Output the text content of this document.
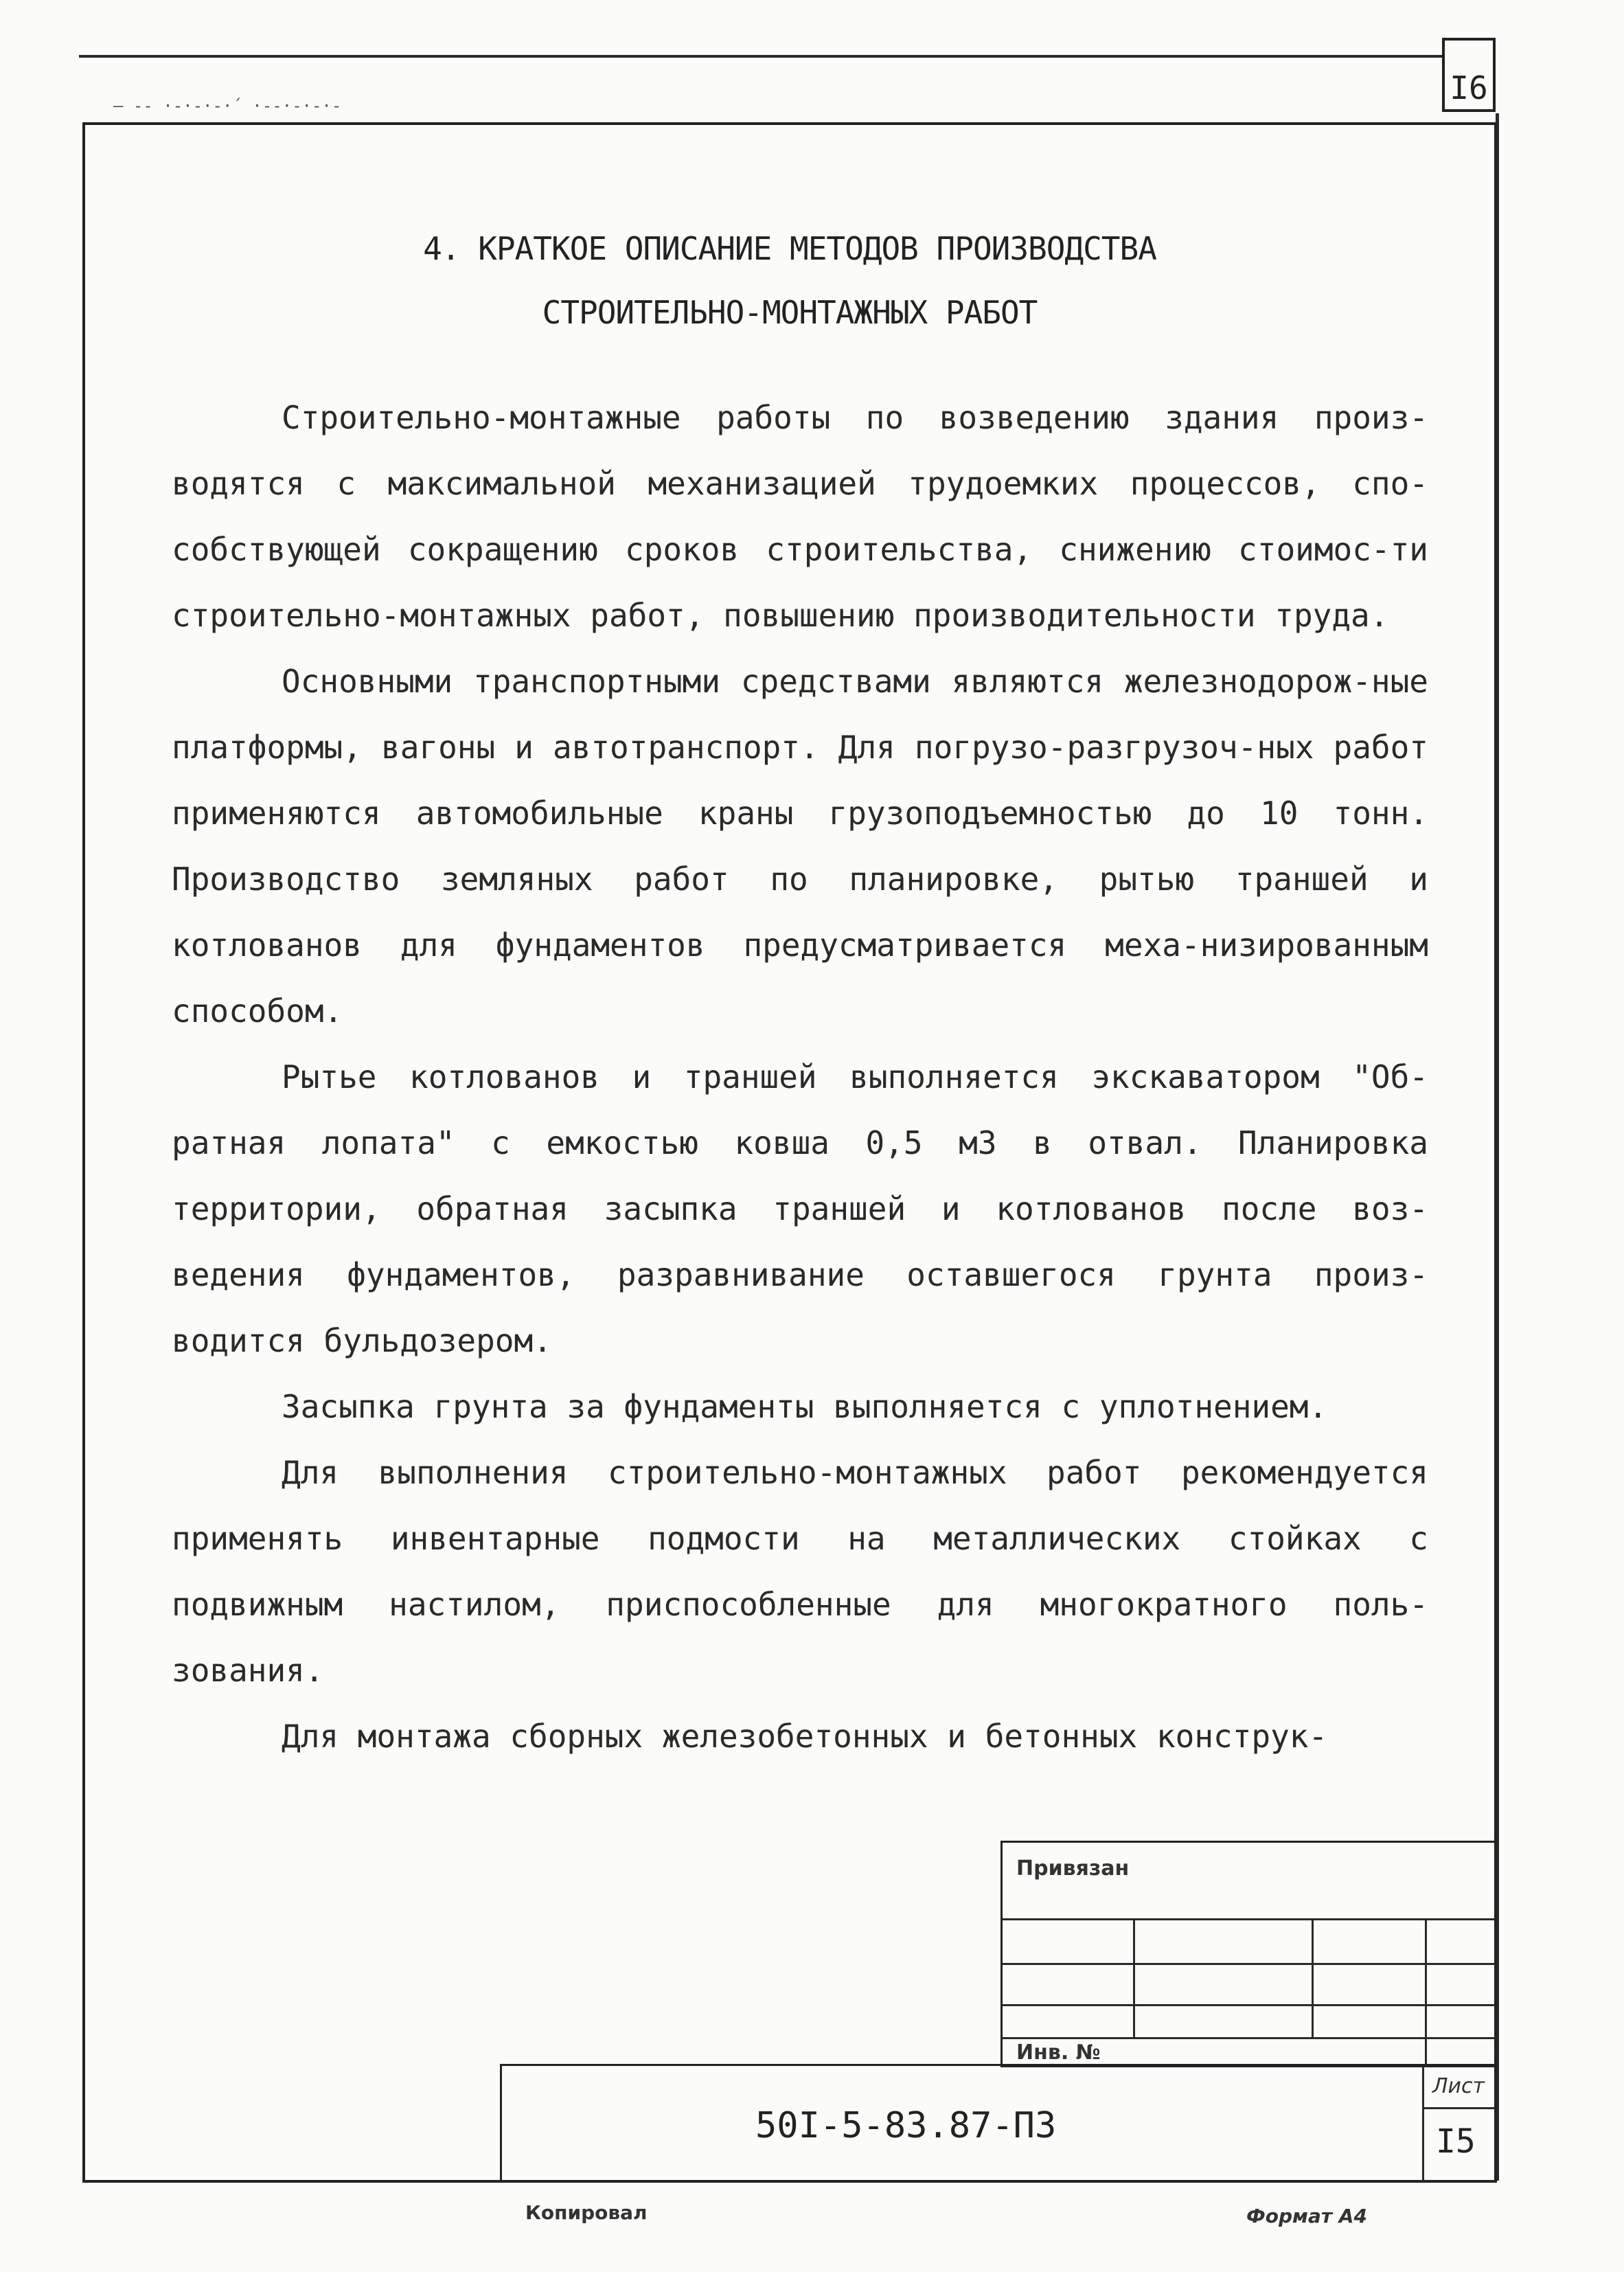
— -- ·-·-·-·´ ·--·-·-·-	I6
4. КРАТКОЕ ОПИСАНИЕ МЕТОДОВ ПРОИЗВОДСТВА
СТРОИТЕЛЬНО-МОНТАЖНЫХ РАБОТ

Строительно-монтажные работы по возведению здания произ-водятся с максимальной механизацией трудоемких процессов, спо-собствующей сокращению сроков строительства, снижению стоимос-ти строительно-монтажных работ, повышению производительности труда.

Основными транспортными средствами являются железнодорож-ные платформы, вагоны и автотранспорт. Для погрузо-разгрузоч-ных работ применяются автомобильные краны грузоподъемностью до 10 тонн. Производство земляных работ по планировке, рытью траншей и котлованов для фундаментов предусматривается меха-низированным способом.

Рытье котлованов и траншей выполняется экскаватором "Об-ратная лопата" с емкостью ковша 0,5 м3 в отвал. Планировка территории, обратная засыпка траншей и котлованов после воз-ведения фундаментов, разравнивание оставшегося грунта произ-водится бульдозером.

Засыпка грунта за фундаменты выполняется с уплотнением.

Для выполнения строительно-монтажных работ рекомендуется применять инвентарные подмости на металлических стойках с подвижным настилом, приспособленные для многократного поль-зования.

Для монтажа сборных железобетонных и бетонных конструк-

Привязан
Инв. №
Лист
I5
50I-5-83.87-ПЗ
Копировал	Формат А4
